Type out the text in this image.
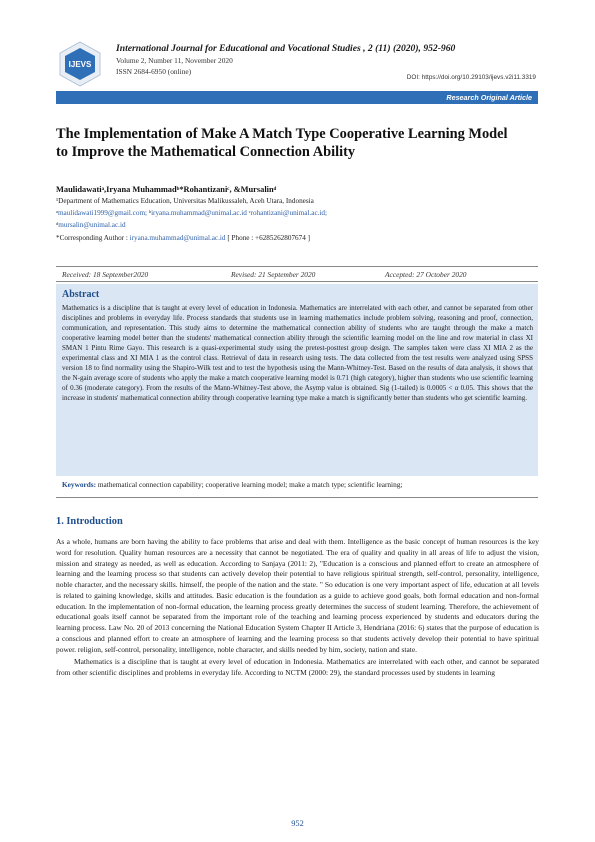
IJEVS
International Journal for Educational and Vocational Studies , 2 (11) (2020), 952-960
Volume 2, Number 11, November 2020
ISSN 2684-6950 (online)
DOI: https://doi.org/10.29103/ijevs.v2i11.3319
Research Original Article
The Implementation of Make A Match Type Cooperative Learning Model
to Improve the Mathematical Connection Ability
Maulidawatiᵃ,Iryana Muhammadᵇ*Rohantizaniᶜ, &Mursalinᵈ
¹Department of Mathematics Education, Universitas Malikussaleh, Aceh Utara, Indonesia
ᵃmaulidawati1999@gmail.com; ᵇiryana.muhammad@unimal.ac.id ᶜrohantizani@unimal.ac.id;
ᵈmursalin@unimal.ac.id
*Corresponding Author : iryana.muhammad@unimal.ac.id [ Phone : +6285262807674 ]
Received: 18 September2020	Revised: 21 September 2020	Accepted: 27 October 2020
Abstract
Mathematics is a discipline that is taught at every level of education in Indonesia. Mathematics are interrelated with each other, and cannot be separated from other disciplines and problems in everyday life. Process standards that students use in learning mathematics include problem solving, reasoning and proof, connection, communication, and representation. This study aims to determine the mathematical connection ability of students who are taught through the make a match cooperative learning model better than the students' mathematical connection ability through the scientific learning model on the line and row material in class XI SMAN 1 Pintu Rime Gayo. This research is a quasi-experimental study using the pretest-posttest group design. The samples taken were class XI MIA 2 as the experimental class and XI MIA 1 as the control class. Retrieval of data in research using tests. The data collected from the test results were analyzed using SPSS version 18 to find normality using the Shapiro-Wilk test and to test the hypothesis using the Mann-Whitney-Test. Based on the results of data analysis, it shows that the N-gain average score of students who apply the make a match cooperative learning model is 0.71 (high category), higher than students who use scientific learning of 0.36 (moderate category). From the results of the Mann-Whitney-Test above, the Asymp value is obtained. Sig (1-tailed) is 0.0005 < α 0.05. This shows that the increase in students' mathematical connection ability through cooperative learning type make a match is significantly better than students who get scientific learning.
Keywords: mathematical connection capability; cooperative learning model; make a match type; scientific learning;
1. Introduction

As a whole, humans are born having the ability to face problems that arise and deal with them. Intelligence as the basic concept of human resources is the key word for resolution. Quality human resources are a necessity that cannot be negotiated. The era of quality and quality in all areas of life to adjust the vision, mission and strategy as needed, as well as education. According to Sanjaya (2011: 2), "Education is a conscious and planned effort to create an atmosphere of learning and the learning process so that students can actively develop their potential to have religious spiritual strength, self-control, personality, intelligence, noble character, and the necessary skills. himself, the people of the nation and the state. " So education is one very important aspect of life, education at all levels is related to gaining knowledge, skills and attitudes. Basic education is the foundation as a guide to achieve good goals, both formal education and non-formal education. In the implementation of non-formal education, the learning process greatly determines the success of student learning. Therefore, the achievement of educational goals itself cannot be separated from the important role of the teaching and learning process experienced by students and educators during the learning process. Law No. 20 of 2013 concerning the National Education System Chapter II Article 3, Hendriana (2016: 6) states that the purpose of education is a conscious and planned effort to create an atmosphere of learning and the learning process so that students actively develop their potential to have spiritual power. religion, self-control, personality, intelligence, noble character, and skills needed by him, society, nation and state.

Mathematics is a discipline that is taught at every level of education in Indonesia. Mathematics are interrelated with each other, and cannot be separated from other scientific disciplines and problems in everyday life. According to NCTM (2000: 29), the standard processes used by students in learning

952
